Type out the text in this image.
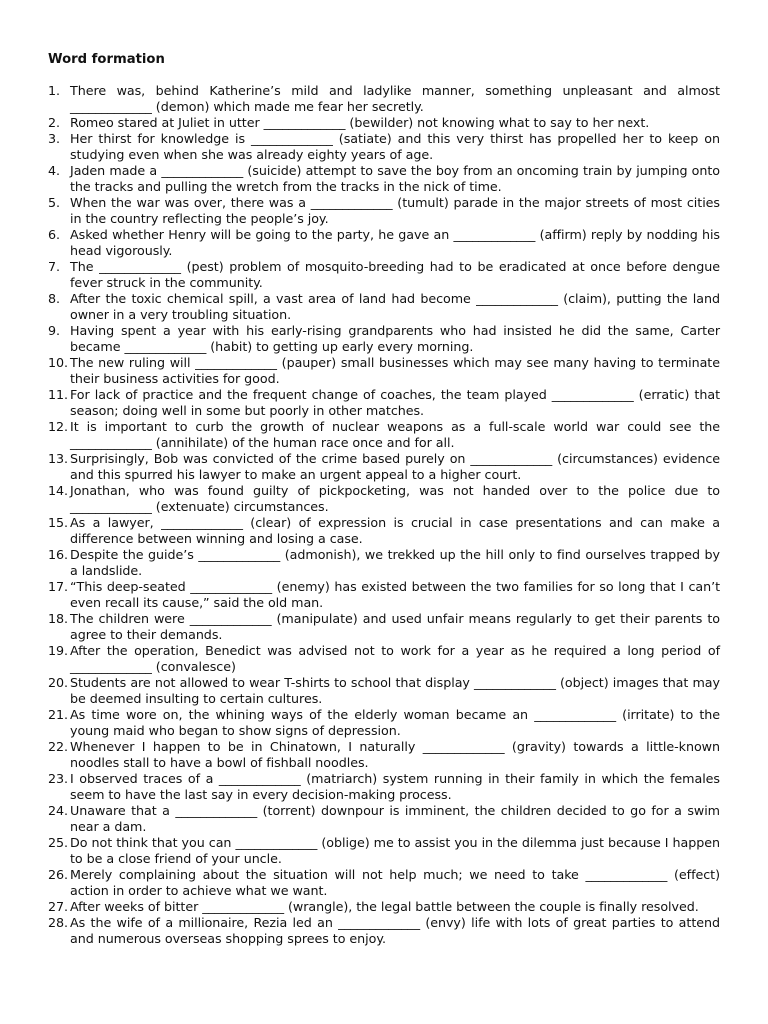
Word formation
1. There was, behind Katherine’s mild and ladylike manner, something unpleasant and almost _____________ (demon) which made me fear her secretly.
2. Romeo stared at Juliet in utter _____________ (bewilder) not knowing what to say to her next.
3. Her thirst for knowledge is _____________ (satiate) and this very thirst has propelled her to keep on studying even when she was already eighty years of age.
4. Jaden made a _____________ (suicide) attempt to save the boy from an oncoming train by jumping onto the tracks and pulling the wretch from the tracks in the nick of time.
5. When the war was over, there was a _____________ (tumult) parade in the major streets of most cities in the country reflecting the people’s joy.
6. Asked whether Henry will be going to the party, he gave an _____________ (affirm) reply by nodding his head vigorously.
7. The _____________ (pest) problem of mosquito-breeding had to be eradicated at once before dengue fever struck in the community.
8. After the toxic chemical spill, a vast area of land had become _____________ (claim), putting the land owner in a very troubling situation.
9. Having spent a year with his early-rising grandparents who had insisted he did the same, Carter became _____________ (habit) to getting up early every morning.
10. The new ruling will _____________ (pauper) small businesses which may see many having to terminate their business activities for good.
11. For lack of practice and the frequent change of coaches, the team played _____________ (erratic) that season; doing well in some but poorly in other matches.
12. It is important to curb the growth of nuclear weapons as a full-scale world war could see the _____________ (annihilate) of the human race once and for all.
13. Surprisingly, Bob was convicted of the crime based purely on _____________ (circumstances) evidence and this spurred his lawyer to make an urgent appeal to a higher court.
14. Jonathan, who was found guilty of pickpocketing, was not handed over to the police due to _____________ (extenuate) circumstances.
15. As a lawyer, _____________ (clear) of expression is crucial in case presentations and can make a difference between winning and losing a case.
16. Despite the guide’s _____________ (admonish), we trekked up the hill only to find ourselves trapped by a landslide.
17. “This deep-seated _____________ (enemy) has existed between the two families for so long that I can’t even recall its cause,” said the old man.
18. The children were _____________ (manipulate) and used unfair means regularly to get their parents to agree to their demands.
19. After the operation, Benedict was advised not to work for a year as he required a long period of _____________ (convalesce)
20. Students are not allowed to wear T-shirts to school that display _____________ (object) images that may be deemed insulting to certain cultures.
21. As time wore on, the whining ways of the elderly woman became an _____________ (irritate) to the young maid who began to show signs of depression.
22. Whenever I happen to be in Chinatown, I naturally _____________ (gravity) towards a little-known noodles stall to have a bowl of fishball noodles.
23. I observed traces of a _____________ (matriarch) system running in their family in which the females seem to have the last say in every decision-making process.
24. Unaware that a _____________ (torrent) downpour is imminent, the children decided to go for a swim near a dam.
25. Do not think that you can _____________ (oblige) me to assist you in the dilemma just because I happen to be a close friend of your uncle.
26. Merely complaining about the situation will not help much; we need to take _____________ (effect) action in order to achieve what we want.
27. After weeks of bitter _____________ (wrangle), the legal battle between the couple is finally resolved.
28. As the wife of a millionaire, Rezia led an _____________ (envy) life with lots of great parties to attend and numerous overseas shopping sprees to enjoy.
